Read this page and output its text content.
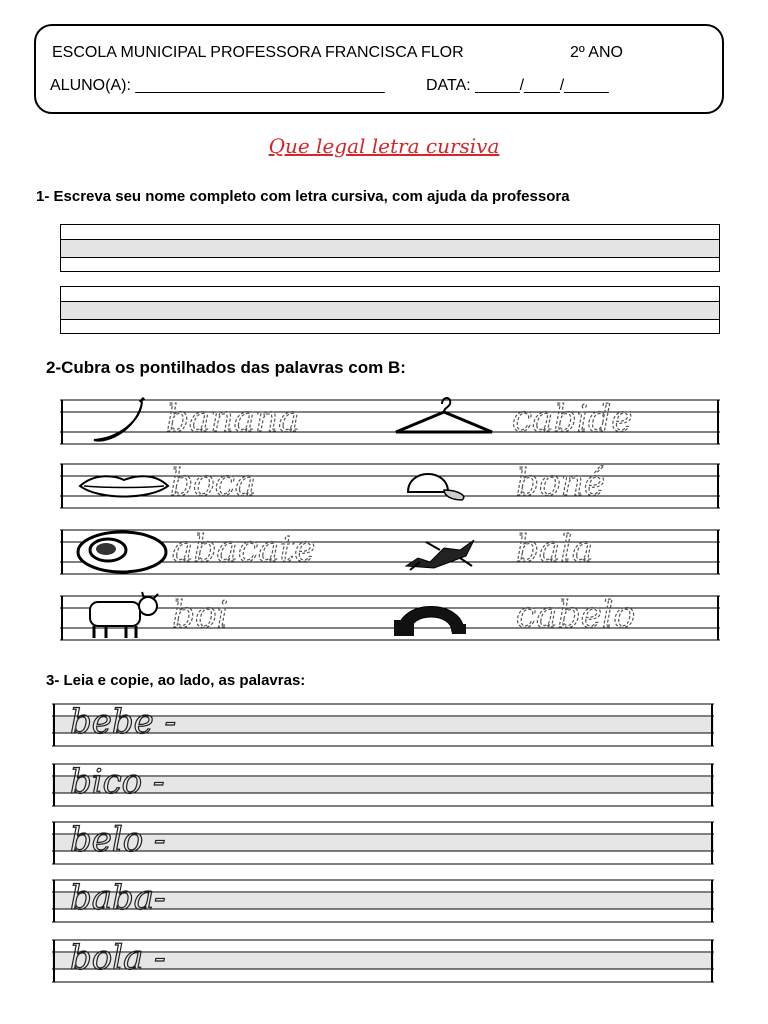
ESCOLA MUNICIPAL PROFESSORA FRANCISCA FLOR	2º ANO
ALUNO(A): ____________________________	DATA: _____/____/_____
Que legal letra cursiva
1- Escreva seu nome completo com letra cursiva, com ajuda da professora
2-Cubra os pontilhados das palavras com B:
banana	cabide
boca	boné
abacate	bala
boi	cabelo
3- Leia e copie, ao lado, as palavras:
bebe -
bico -
belo -
baba-
bola -
